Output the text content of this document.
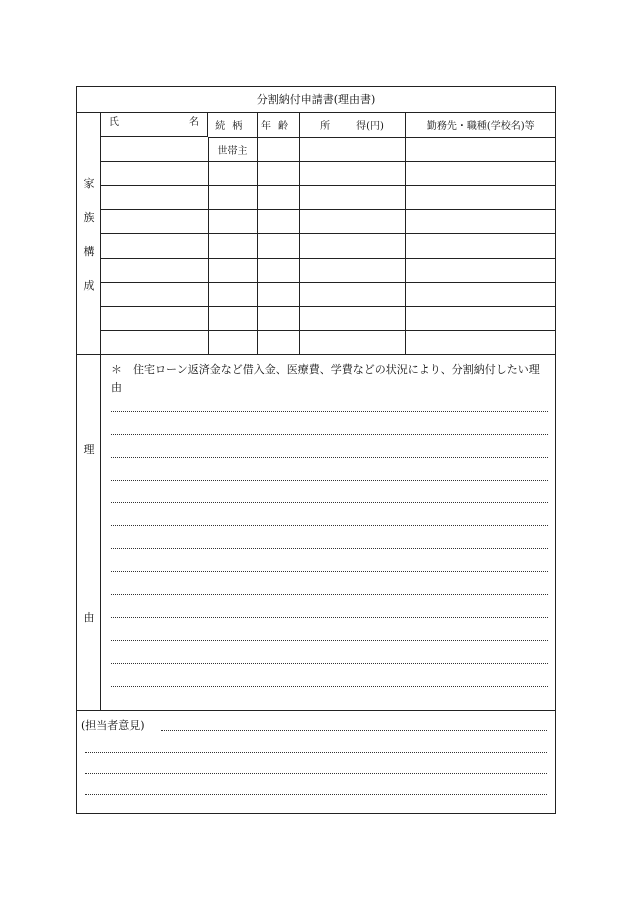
分割納付申請書(理由書)
家
族
構
成
氏	名 続柄	年齢	所 得(円)	勤務先・職種(学校名)等
	世帯主			

理
由
＊ 住宅ローン返済金など借入金、医療費、学費などの状況により、分割納付したい理由
(担当者意見)
